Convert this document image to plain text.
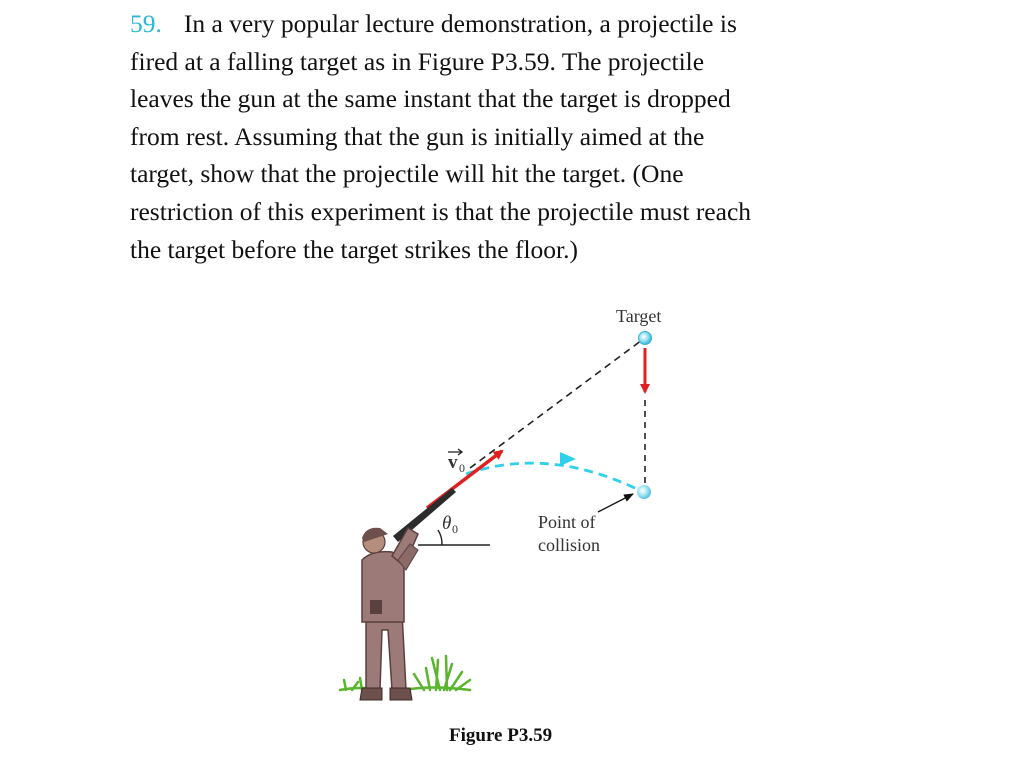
59. In a very popular lecture demonstration, a projectile is
fired at a falling target as in Figure P3.59. The projectile
leaves the gun at the same instant that the target is dropped
from rest. Assuming that the gun is initially aimed at the
target, show that the projectile will hit the target. (One
restriction of this experiment is that the projectile must reach
the target before the target strikes the floor.)
Target
v 0
θ 0	Point of
collision
Figure P3.59
